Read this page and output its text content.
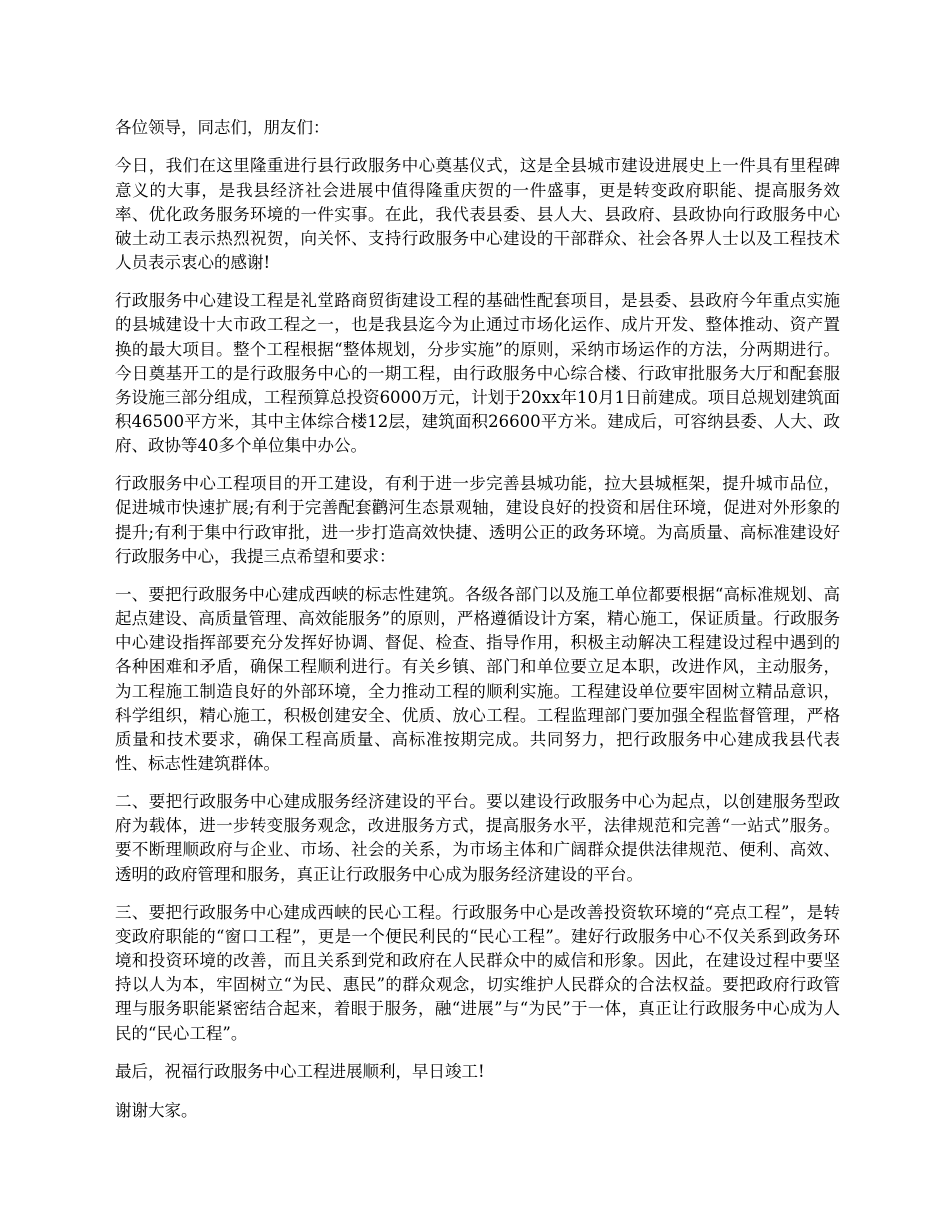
各位领导，同志们，朋友们：

今日，我们在这里隆重进行县行政服务中心奠基仪式，这是全县城市建设进展史上一件具有里程碑意义的大事，是我县经济社会进展中值得隆重庆贺的一件盛事，更是转变政府职能、提高服务效率、优化政务服务环境的一件实事。在此，我代表县委、县人大、县政府、县政协向行政服务中心破土动工表示热烈祝贺，向关怀、支持行政服务中心建设的干部群众、社会各界人士以及工程技术人员表示衷心的感谢!

行政服务中心建设工程是礼堂路商贸街建设工程的基础性配套项目，是县委、县政府今年重点实施的县城建设十大市政工程之一，也是我县迄今为止通过市场化运作、成片开发、整体推动、资产置换的最大项目。整个工程根据“整体规划，分步实施”的原则，采纳市场运作的方法，分两期进行。今日奠基开工的是行政服务中心的一期工程，由行政服务中心综合楼、行政审批服务大厅和配套服务设施三部分组成，工程预算总投资6000万元，计划于20xx年10月1日前建成。项目总规划建筑面积46500平方米，其中主体综合楼12层，建筑面积26600平方米。建成后，可容纳县委、人大、政府、政协等40多个单位集中办公。

行政服务中心工程项目的开工建设，有利于进一步完善县城功能，拉大县城框架，提升城市品位，促进城市快速扩展;有利于完善配套鹳河生态景观轴，建设良好的投资和居住环境，促进对外形象的提升;有利于集中行政审批，进一步打造高效快捷、透明公正的政务环境。为高质量、高标准建设好行政服务中心，我提三点希望和要求：

一、要把行政服务中心建成西峡的标志性建筑。各级各部门以及施工单位都要根据“高标准规划、高起点建设、高质量管理、高效能服务”的原则，严格遵循设计方案，精心施工，保证质量。行政服务中心建设指挥部要充分发挥好协调、督促、检查、指导作用，积极主动解决工程建设过程中遇到的各种困难和矛盾，确保工程顺利进行。有关乡镇、部门和单位要立足本职，改进作风，主动服务，为工程施工制造良好的外部环境，全力推动工程的顺利实施。工程建设单位要牢固树立精品意识，科学组织，精心施工，积极创建安全、优质、放心工程。工程监理部门要加强全程监督管理，严格质量和技术要求，确保工程高质量、高标准按期完成。共同努力，把行政服务中心建成我县代表性、标志性建筑群体。

二、要把行政服务中心建成服务经济建设的平台。要以建设行政服务中心为起点，以创建服务型政府为载体，进一步转变服务观念，改进服务方式，提高服务水平，法律规范和完善“一站式”服务。要不断理顺政府与企业、市场、社会的关系，为市场主体和广阔群众提供法律规范、便利、高效、透明的政府管理和服务，真正让行政服务中心成为服务经济建设的平台。

三、要把行政服务中心建成西峡的民心工程。行政服务中心是改善投资软环境的“亮点工程”，是转变政府职能的“窗口工程”，更是一个便民利民的“民心工程”。建好行政服务中心不仅关系到政务环境和投资环境的改善，而且关系到党和政府在人民群众中的威信和形象。因此，在建设过程中要坚持以人为本，牢固树立“为民、惠民”的群众观念，切实维护人民群众的合法权益。要把政府行政管理与服务职能紧密结合起来，着眼于服务，融“进展”与“为民”于一体，真正让行政服务中心成为人民的“民心工程”。

最后，祝福行政服务中心工程进展顺利，早日竣工!

谢谢大家。
